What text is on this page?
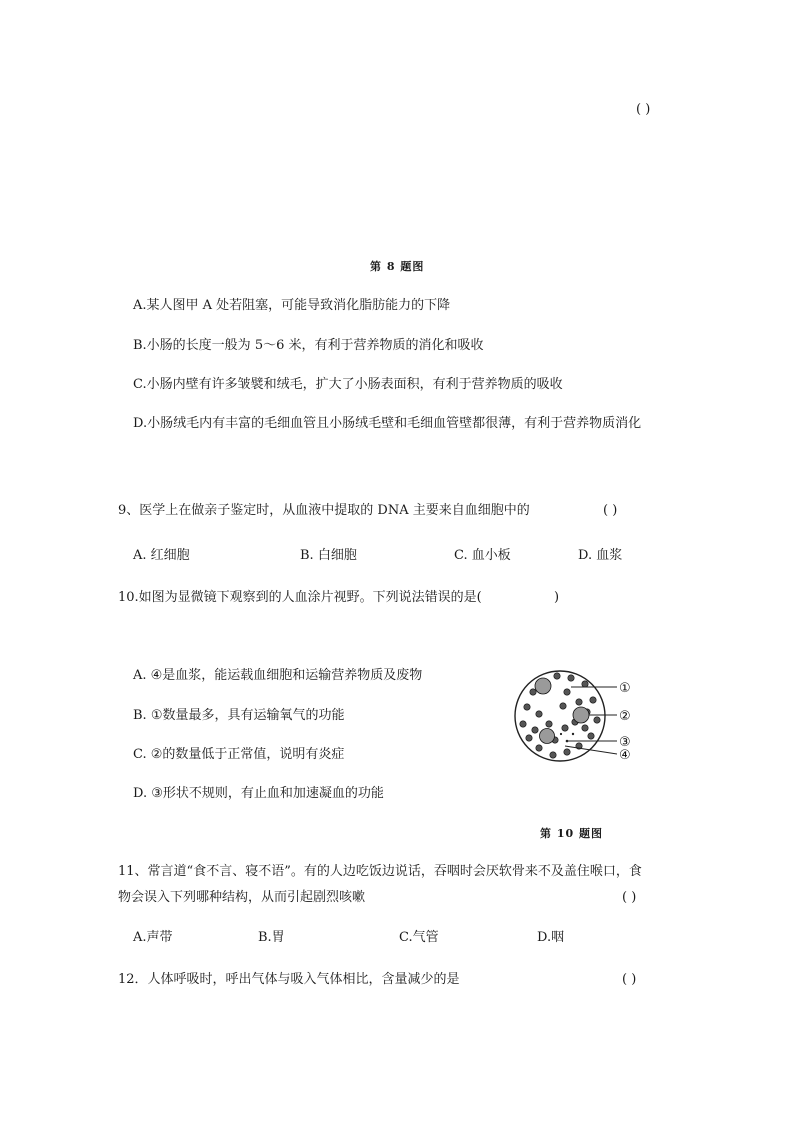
( )
第 8 题图
A.某人图甲 A 处若阻塞，可能导致消化脂肪能力的下降
B.小肠的长度一般为 5～6 米，有利于营养物质的消化和吸收
C.小肠内壁有许多皱襞和绒毛，扩大了小肠表面积，有利于营养物质的吸收
D.小肠绒毛内有丰富的毛细血管且小肠绒毛壁和毛细血管壁都很薄，有利于营养物质消化
9、医学上在做亲子鉴定时，从血液中提取的 DNA 主要来自血细胞中的	( )
A. 红细胞	B. 白细胞	C. 血小板	D. 血浆
10.如图为显微镜下观察到的人血涂片视野。下列说法错误的是(	)
A. ④是血浆，能运载血细胞和运输营养物质及废物
B. ①数量最多，具有运输氧气的功能
C. ②的数量低于正常值，说明有炎症
D. ③形状不规则，有止血和加速凝血的功能
①
②
③
④
第 10 题图
11、常言道“食不言、寝不语”。有的人边吃饭边说话，吞咽时会厌软骨来不及盖住喉口，食
物会误入下列哪种结构，从而引起剧烈咳嗽	( )
A.声带	B.胃	C.气管	D.咽
12．人体呼吸时，呼出气体与吸入气体相比，含量减少的是	( )
